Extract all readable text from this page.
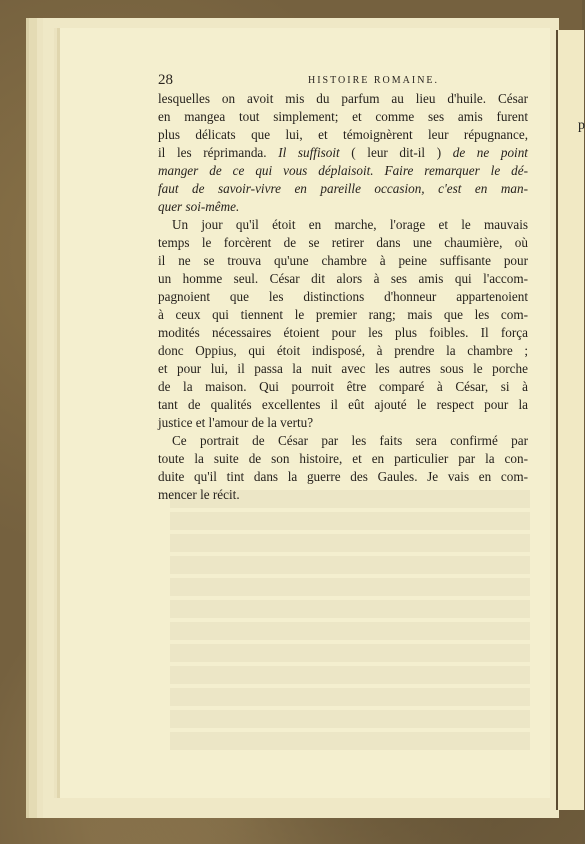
p
28	HISTOIRE ROMAINE.
lesquelles on avoit mis du parfum au lieu d'huile. César
en mangea tout simplement; et comme ses amis furent
plus délicats que lui, et témoignèrent leur répugnance,
il les réprimanda. Il suffisoit ( leur dit-il ) de ne point
manger de ce qui vous déplaisoit. Faire remarquer le dé-
faut de savoir-vivre en pareille occasion, c'est en man-
quer soi-même.
Un jour qu'il étoit en marche, l'orage et le mauvais
temps le forcèrent de se retirer dans une chaumière, où
il ne se trouva qu'une chambre à peine suffisante pour
un homme seul. César dit alors à ses amis qui l'accom-
pagnoient que les distinctions d'honneur appartenoient
à ceux qui tiennent le premier rang; mais que les com-
modités nécessaires étoient pour les plus foibles. Il força
donc Oppius, qui étoit indisposé, à prendre la chambre ;
et pour lui, il passa la nuit avec les autres sous le porche
de la maison. Qui pourroit être comparé à César, si à
tant de qualités excellentes il eût ajouté le respect pour la
justice et l'amour de la vertu?
Ce portrait de César par les faits sera confirmé par
toute la suite de son histoire, et en particulier par la con-
duite qu'il tint dans la guerre des Gaules. Je vais en com-
mencer le récit.
